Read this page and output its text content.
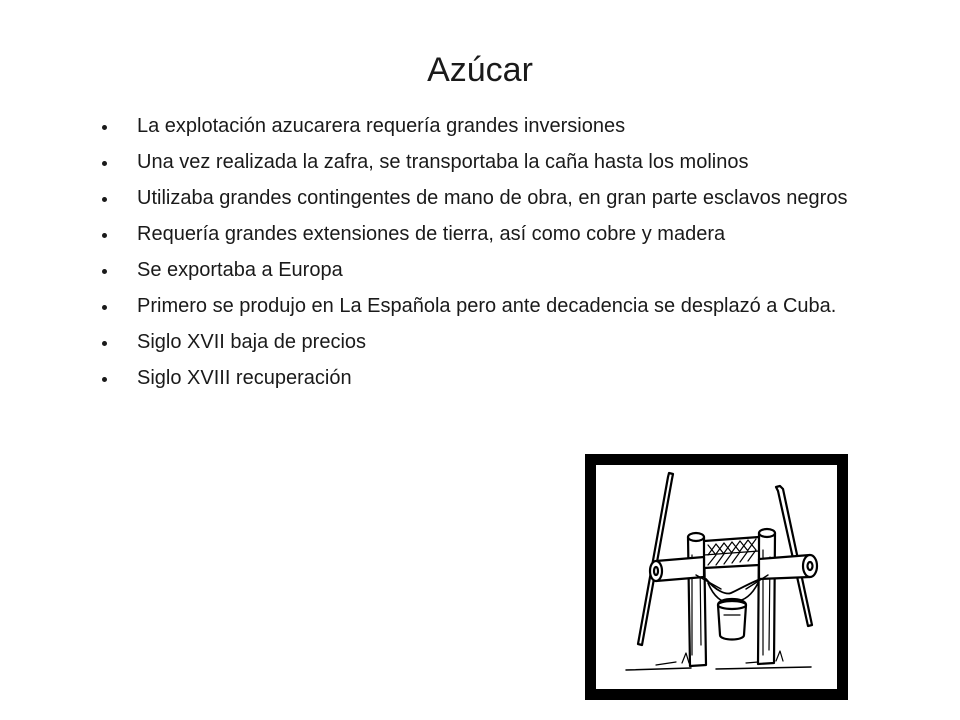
Azúcar
La explotación azucarera requería grandes inversiones
Una vez realizada la zafra, se transportaba la caña hasta los molinos
Utilizaba grandes contingentes de mano de obra, en gran parte esclavos negros
Requería grandes extensiones de tierra, así como cobre y madera
Se exportaba a Europa
Primero se produjo en La Española pero ante decadencia se desplazó a Cuba.
Siglo XVII baja de precios
Siglo XVIII recuperación
